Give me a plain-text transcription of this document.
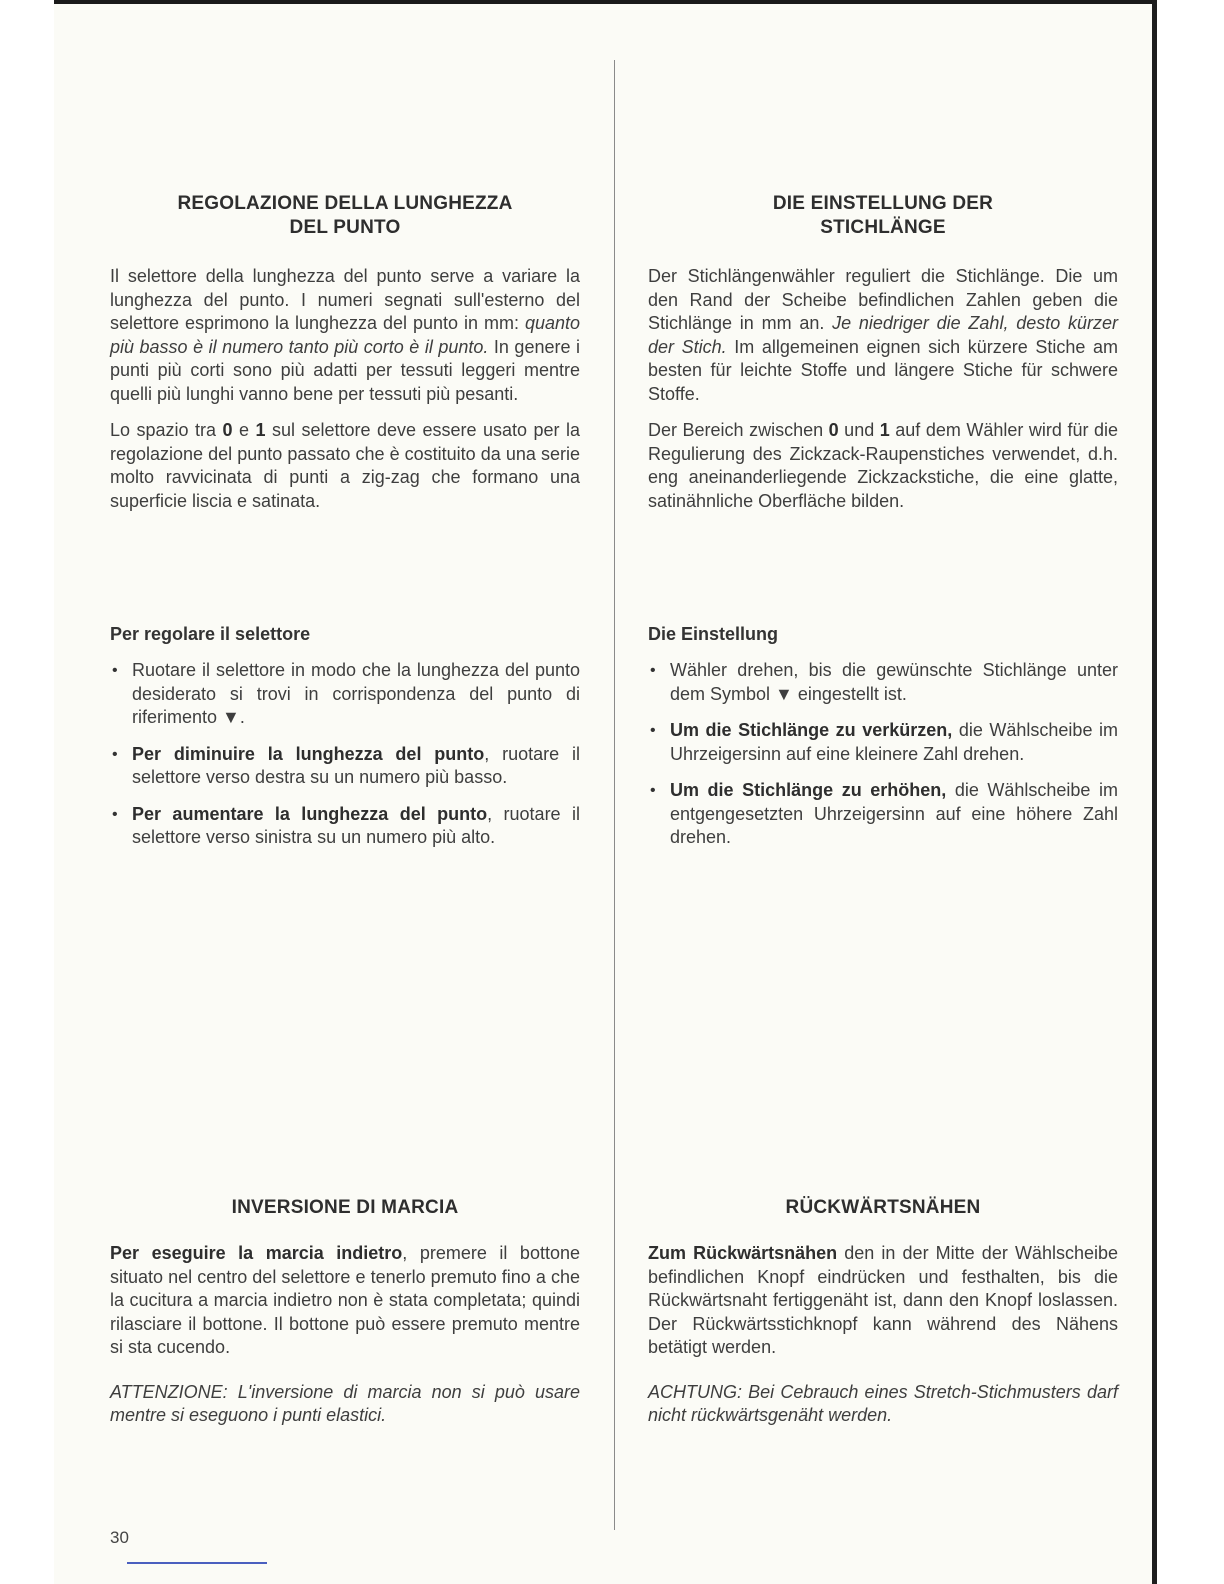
REGOLAZIONE DELLA LUNGHEZZA
DEL PUNTO

Il selettore della lunghezza del punto serve a variare la lunghezza del punto. I numeri segnati sull'esterno del selettore esprimono la lunghezza del punto in mm: quanto più basso è il numero tanto più corto è il punto. In genere i punti più corti sono più adatti per tessuti leggeri mentre quelli più lunghi vanno bene per tessuti più pesanti.

Lo spazio tra 0 e 1 sul selettore deve essere usato per la regolazione del punto passato che è costituito da una serie molto ravvicinata di punti a zig-zag che formano una superficie liscia e satinata.

Per regolare il selettore
• Ruotare il selettore in modo che la lunghezza del punto desiderato si trovi in corrispondenza del punto di riferimento ▼.
• Per diminuire la lunghezza del punto, ruotare il selettore verso destra su un numero più basso.
• Per aumentare la lunghezza del punto, ruotare il selettore verso sinistra su un numero più alto.
INVERSIONE DI MARCIA

Per eseguire la marcia indietro, premere il bottone situato nel centro del selettore e tenerlo premuto fino a che la cucitura a marcia indietro non è stata completata; quindi rilasciare il bottone. Il bottone può essere premuto mentre si sta cucendo.

ATTENZIONE: L'inversione di marcia non si può usare mentre si eseguono i punti elastici.

DIE EINSTELLUNG DER
STICHLÄNGE

Der Stichlängenwähler reguliert die Stichlänge. Die um den Rand der Scheibe befindlichen Zahlen geben die Stichlänge in mm an. Je niedriger die Zahl, desto kürzer der Stich. Im allgemeinen eignen sich kürzere Stiche am besten für leichte Stoffe und längere Stiche für schwere Stoffe.

Der Bereich zwischen 0 und 1 auf dem Wähler wird für die Regulierung des Zickzack-Raupenstiches verwendet, d.h. eng aneinanderliegende Zickzackstiche, die eine glatte, satinähnliche Oberfläche bilden.

Die Einstellung
• Wähler drehen, bis die gewünschte Stichlänge unter dem Symbol ▼ eingestellt ist.
• Um die Stichlänge zu verkürzen, die Wählscheibe im Uhrzeigersinn auf eine kleinere Zahl drehen.
• Um die Stichlänge zu erhöhen, die Wählscheibe im entgengesetzten Uhrzeigersinn auf eine höhere Zahl drehen.
RÜCKWÄRTSNÄHEN

Zum Rückwärtsnähen den in der Mitte der Wählscheibe befindlichen Knopf eindrücken und festhalten, bis die Rückwärtsnaht fertiggenäht ist, dann den Knopf loslassen. Der Rückwärtsstichknopf kann während des Nähens betätigt werden.

ACHTUNG: Bei Cebrauch eines Stretch-Stichmusters darf nicht rückwärtsgenäht werden.

30
